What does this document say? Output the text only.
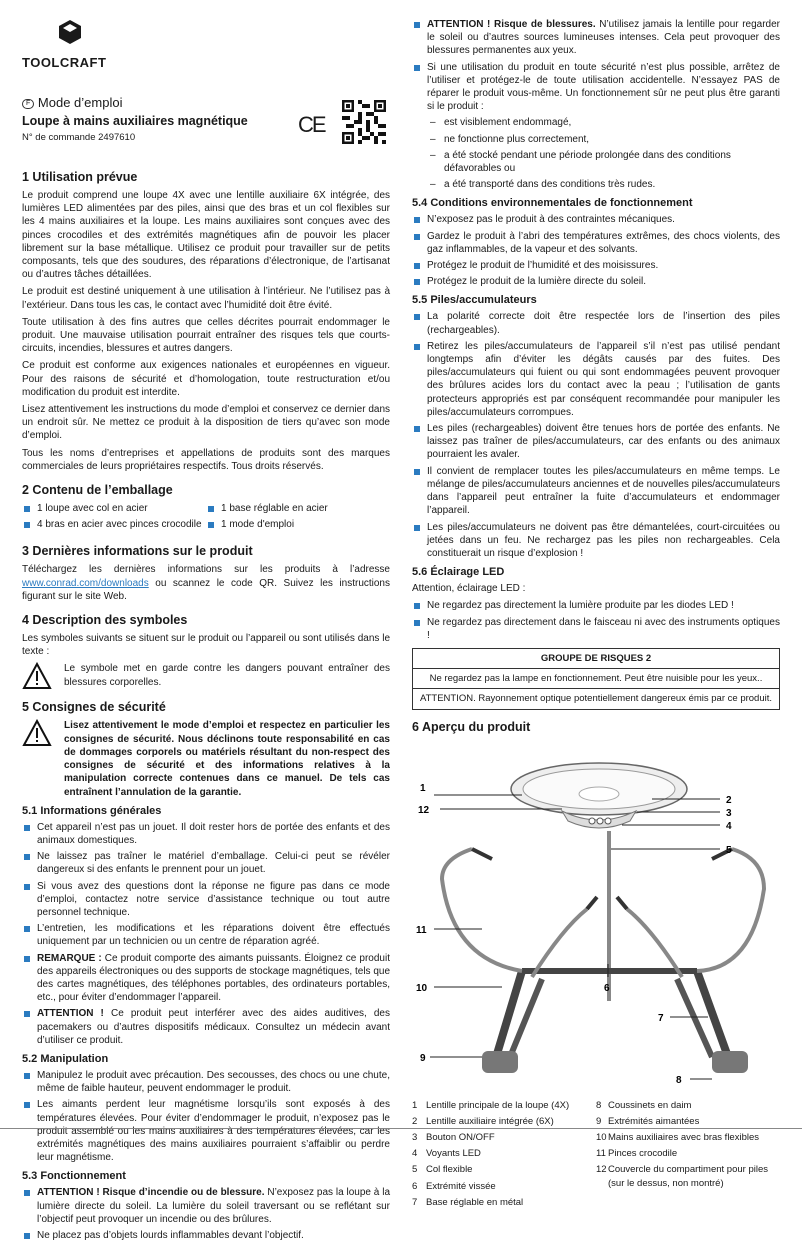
TOOLCRAFT
F Mode d’emploi
Loupe à mains auxiliaires magnétique
N° de commande 2497610
CE
1 Utilisation prévue

Le produit comprend une loupe 4X avec une lentille auxiliaire 6X intégrée, des lumières LED alimentées par des piles, ainsi que des bras et un col flexibles sur les 4 mains auxiliaires et la loupe. Les mains auxiliaires sont conçues avec des pinces crocodiles et des extrémités magnétiques afin de pouvoir les placer librement sur la base métallique. Utilisez ce produit pour travailler sur de petits composants, tels que des soudures, des réparations d’électronique, de l’artisanat ou d’autres tâches détaillées.

Le produit est destiné uniquement à une utilisation à l’intérieur. Ne l’utilisez pas à l’extérieur. Dans tous les cas, le contact avec l’humidité doit être évité.

Toute utilisation à des fins autres que celles décrites pourrait endommager le produit. Une mauvaise utilisation pourrait entraîner des risques tels que courts-circuits, incendies, blessures et autres dangers.

Ce produit est conforme aux exigences nationales et européennes en vigueur. Pour des raisons de sécurité et d’homologation, toute restructuration et/ou modification du produit est interdite.

Lisez attentivement les instructions du mode d’emploi et conservez ce dernier dans un endroit sûr. Ne mettez ce produit à la disposition de tiers qu’avec son mode d’emploi.

Tous les noms d’entreprises et appellations de produits sont des marques commerciales de leurs propriétaires respectifs. Tous droits réservés.

2 Contenu de l’emballage
1 loupe avec col en acier
4 bras en acier avec pinces crocodile
1 base réglable en acier
1 mode d'emploi
3 Dernières informations sur le produit

Téléchargez les dernières informations sur les produits à l’adresse www.conrad.com/downloads ou scannez le code QR. Suivez les instructions figurant sur le site Web.

4 Description des symboles

Les symboles suivants se situent sur le produit ou l’appareil ou sont utilisés dans le texte :

Le symbole met en garde contre les dangers pouvant entraîner des blessures corporelles.
5 Consignes de sécurité
Lisez attentivement le mode d’emploi et respectez en particulier les consignes de sécurité. Nous déclinons toute responsabilité en cas de dommages corporels ou matériels résultant du non-respect des consignes de sécurité et des informations relatives à la manipulation correcte contenues dans ce manuel. De tels cas entraînent l’annulation de la garantie.
5.1 Informations générales
Cet appareil n’est pas un jouet. Il doit rester hors de portée des enfants et des animaux domestiques.
Ne laissez pas traîner le matériel d’emballage. Celui-ci peut se révéler dangereux si des enfants le prennent pour un jouet.
Si vous avez des questions dont la réponse ne figure pas dans ce mode d’emploi, contactez notre service d’assistance technique ou tout autre personnel technique.
L’entretien, les modifications et les réparations doivent être effectués uniquement par un technicien ou un centre de réparation agréé.
REMARQUE : Ce produit comporte des aimants puissants. Éloignez ce produit des appareils électroniques ou des supports de stockage magnétiques, tels que des cartes magnétiques, des téléphones portables, des ordinateurs portables, etc., pour éviter d’endommager l’appareil.
ATTENTION ! Ce produit peut interférer avec des aides auditives, des pacemakers ou d’autres dispositifs médicaux. Consultez un médecin avant d’utiliser ce produit.
5.2 Manipulation
Manipulez le produit avec précaution. Des secousses, des chocs ou une chute, même de faible hauteur, peuvent endommager le produit.
Les aimants perdent leur magnétisme lorsqu’ils sont exposés à des températures élevées. Pour éviter d’endommager le produit, n’exposez pas le produit assemblé ou les mains auxiliaires à des températures élevées, car les extrémités magnétiques des mains auxiliaires pourraient s’affaiblir ou perdre leur magnétisme.
5.3 Fonctionnement
ATTENTION ! Risque d’incendie ou de blessure. N’exposez pas la loupe à la lumière directe du soleil. La lumière du soleil traversant ou se reflétant sur l’objectif peut provoquer un incendie ou des brûlures.
Ne placez pas d’objets lourds inflammables devant l’objectif.
ATTENTION ! Risque de blessures. N’utilisez jamais la lentille pour regarder le soleil ou d’autres sources lumineuses intenses. Cela peut provoquer des blessures permanentes aux yeux.
Si une utilisation du produit en toute sécurité n’est plus possible, arrêtez de l’utiliser et protégez-le de toute utilisation accidentelle. N’essayez PAS de réparer le produit vous-même. Un fonctionnement sûr ne peut plus être garanti si le produit :
– est visiblement endommagé,
– ne fonctionne plus correctement,
– a été stocké pendant une période prolongée dans des conditions défavorables ou
– a été transporté dans des conditions très rudes.
5.4 Conditions environnementales de fonctionnement
N’exposez pas le produit à des contraintes mécaniques.
Gardez le produit à l’abri des températures extrêmes, des chocs violents, des gaz inflammables, de la vapeur et des solvants.
Protégez le produit de l’humidité et des moisissures.
Protégez le produit de la lumière directe du soleil.
5.5 Piles/accumulateurs
La polarité correcte doit être respectée lors de l’insertion des piles (rechargeables).
Retirez les piles/accumulateurs de l’appareil s’il n’est pas utilisé pendant longtemps afin d’éviter les dégâts causés par des fuites. Des piles/accumulateurs qui fuient ou qui sont endommagées peuvent provoquer des brûlures acides lors du contact avec la peau ; l’utilisation de gants protecteurs appropriés est par conséquent recommandée pour manipuler les piles/accumulateurs corrompues.
Les piles (rechargeables) doivent être tenues hors de portée des enfants. Ne laissez pas traîner de piles/accumulateurs, car des enfants ou des animaux pourraient les avaler.
Il convient de remplacer toutes les piles/accumulateurs en même temps. Le mélange de piles/accumulateurs anciennes et de nouvelles piles/accumulateurs dans l’appareil peut entraîner la fuite d’accumulateurs et endommager l’appareil.
Les piles/accumulateurs ne doivent pas être démantelées, court-circuitées ou jetées dans un feu. Ne rechargez pas les piles non rechargeables. Cela constituerait un risque d’explosion !
5.6 Éclairage LED

Attention, éclairage LED :

Ne regardez pas directement la lumière produite par les diodes LED !
Ne regardez pas directement dans le faisceau ni avec des instruments optiques !
GROUPE DE RISQUES 2
Ne regardez pas la lampe en fonctionnement. Peut être nuisible pour les yeux..
ATTENTION. Rayonnement optique potentiellement dangereux émis par ce produit.
6 Aperçu du produit
1
12
2
3
4
5
11
6
10
7
9
8
1 Lentille principale de la loupe (4X)
2 Lentille auxiliaire intégrée (6X)
3 Bouton ON/OFF
4 Voyants LED
5 Col flexible
6 Extrémité vissée
7 Base réglable en métal
8 Coussinets en daim
9 Extrémités aimantées
10 Mains auxiliaires avec bras flexibles
11 Pinces crocodile
12 Couvercle du compartiment pour piles (sur le dessus, non montré)
